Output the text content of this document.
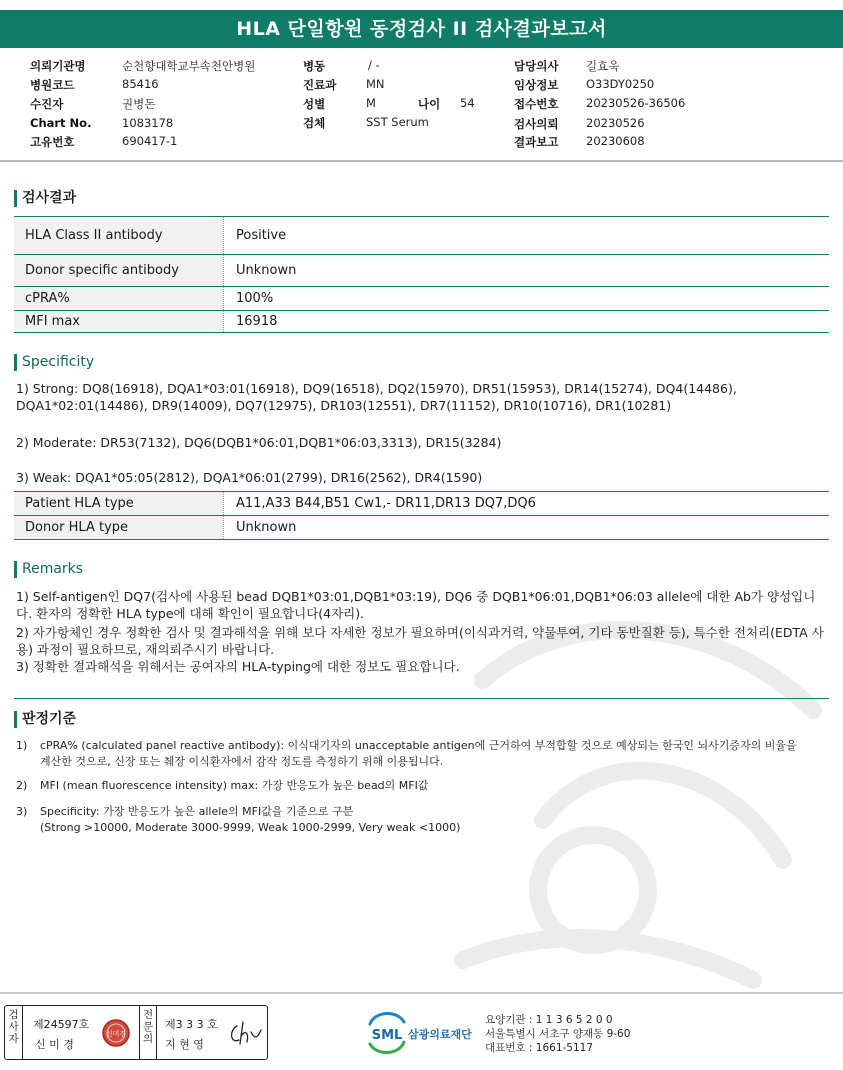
HLA 단일항원 동정검사 II 검사결과보고서
의뢰기관명	순천향대학교부속천안병원
병원코드	85416
수진자	권병돈
Chart No.	1083178
고유번호	690417-1
병동	/ -
진료과	MN
성별	M	나이 54
검체	SST Serum
담당의사 길효욱
임상정보 O33DY0250
접수번호 20230526-36506
검사의뢰 20230526
결과보고 20230608
검사결과
HLA Class II antibody	Positive
Donor specific antibody	Unknown
cPRA%	100%
MFI max	16918
Specificity
1) Strong: DQ8(16918), DQA1*03:01(16918), DQ9(16518), DQ2(15970), DR51(15953), DR14(15274), DQ4(14486), DQA1*02:01(14486), DR9(14009), DQ7(12975), DR103(12551), DR7(11152), DR10(10716), DR1(10281)
2) Moderate: DR53(7132), DQ6(DQB1*06:01,DQB1*06:03,3313), DR15(3284)
3) Weak: DQA1*05:05(2812), DQA1*06:01(2799), DR16(2562), DR4(1590)
Patient HLA type	A11,A33 B44,B51 Cw1,- DR11,DR13 DQ7,DQ6
Donor HLA type	Unknown
Remarks
1) Self-antigen인 DQ7(검사에 사용된 bead DQB1*03:01,DQB1*03:19), DQ6 중 DQB1*06:01,DQB1*06:03 allele에 대한 Ab가 양성입니다. 환자의 정확한 HLA type에 대해 확인이 필요합니다(4자리).
2) 자가항체인 경우 정확한 검사 및 결과해석을 위해 보다 자세한 정보가 필요하며(이식과거력, 약물투여, 기타 동반질환 등), 특수한 전처리(EDTA 사용) 과정이 필요하므로, 재의뢰주시기 바랍니다.
3) 정확한 결과해석을 위해서는 공여자의 HLA-typing에 대한 정보도 필요합니다.
판정기준
1) cPRA% (calculated panel reactive antibody): 이식대기자의 unacceptable antigen에 근거하여 부적합할 것으로 예상되는 한국인 뇌사기증자의 비율을 계산한 것으로, 신장 또는 췌장 이식환자에서 감작 정도를 측정하기 위해 이용됩니다.
2) MFI (mean fluorescence intensity) max: 가장 반응도가 높은 bead의 MFI값
3) Specificity: 가장 반응도가 높은 allele의 MFI값을 기준으로 구분
(Strong >10000, Moderate 3000-9999, Weak 1000-2999, Very weak <1000)
검사자
제24597호
신 미 경
신미경
전문의
제3 3 3 호
지 현 영
SML 삼광의료재단
요양기관 : 1 1 3 6 5 2 0 0
서울특별시 서초구 양재동 9-60
대표번호 : 1661-5117
